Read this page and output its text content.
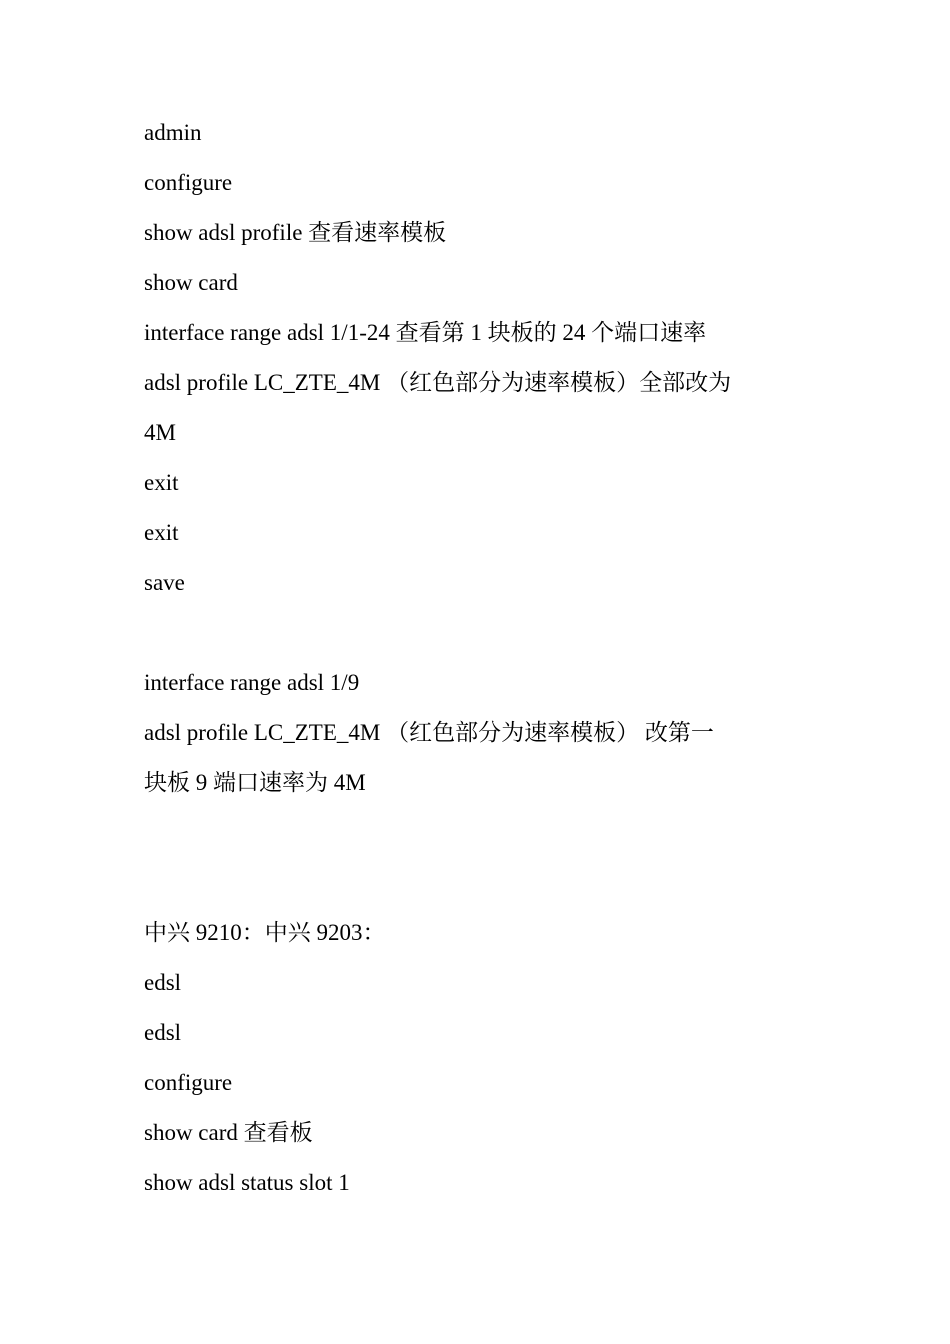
admin
configure
show adsl profile 查看速率模板
show card
interface range adsl 1/1-24 查看第 1 块板的 24 个端口速率
adsl profile LC_ZTE_4M （红色部分为速率模板）全部改为
4M
exit
exit
save
interface range adsl 1/9
adsl profile LC_ZTE_4M （红色部分为速率模板） 改第一
块板 9 端口速率为 4M
中兴 9210：中兴 9203：
edsl
edsl
configure
show card 查看板
show adsl status slot 1
